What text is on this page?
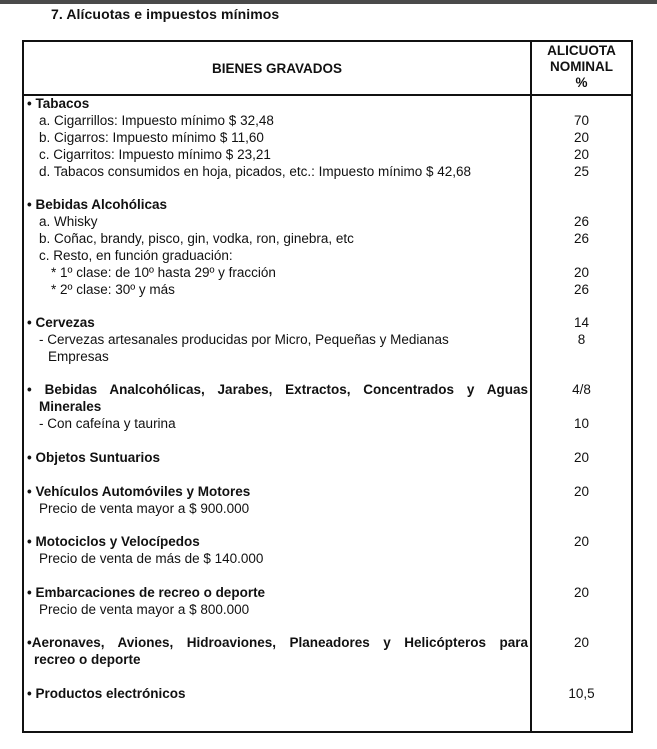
7. Alícuotas e impuestos mínimos
BIENES GRAVADOS
ALICUOTA
NOMINAL
%
• Tabacos
a. Cigarrillos: Impuesto mínimo $ 32,48
b. Cigarros: Impuesto mínimo $ 11,60
c. Cigarritos: Impuesto mínimo $ 23,21
d. Tabacos consumidos en hoja, picados, etc.: Impuesto mínimo $ 42,68
70
20
20
25
• Bebidas Alcohólicas
a. Whisky
b. Coñac, brandy, pisco, gin, vodka, ron, ginebra, etc
c. Resto, en función graduación:
* 1º clase: de 10º hasta 29º y fracción
* 2º clase: 30º y más
26
26
20
26
• Cervezas
- Cervezas artesanales producidas por Micro, Pequeñas y Medianas
Empresas
14
8
• Bebidas Analcohólicas, Jarabes, Extractos, Concentrados y Aguas
Minerales
- Con cafeína y taurina
4/8
10
• Objetos Suntuarios	20
• Vehículos Automóviles y Motores
Precio de venta mayor a $ 900.000
20
• Motociclos y Velocípedos
Precio de venta de más de $ 140.000
20
• Embarcaciones de recreo o deporte
Precio de venta mayor a $ 800.000
20
•Aeronaves, Aviones, Hidroaviones, Planeadores y Helicópteros para
recreo o deporte
20
• Productos electrónicos	10,5
